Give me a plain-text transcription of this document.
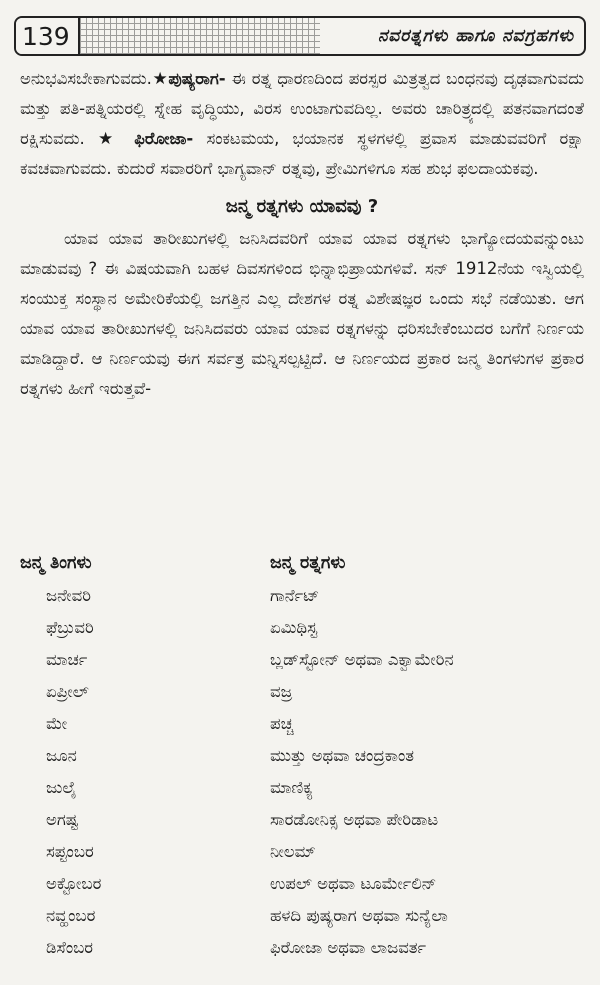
139	ನವರತ್ನಗಳು ಹಾಗೂ ನವಗ್ರಹಗಳು

ಅನುಭವಿಸಬೇಕಾಗುವದು.★ಪುಷ್ಯರಾಗ- ಈ ರತ್ನ ಧಾರಣದಿಂದ ಪರಸ್ಪರ ಮಿತ್ರತ್ವದ ಬಂಧನವು ದೃಢವಾಗುವದು ಮತ್ತು ಪತಿ-ಪತ್ನಿಯರಲ್ಲಿ ಸ್ನೇಹ ವೃದ್ಧಿಯು, ವಿರಸ ಉಂಟಾಗುವದಿಲ್ಲ. ಅವರು ಚಾರಿತ್ರ್ಯದಲ್ಲಿ ಪತನವಾಗದಂತೆ ರಕ್ಷಿಸುವದು. ★ ಫಿರೋಜಾ- ಸಂಕಟಮಯ, ಭಯಾನಕ ಸ್ಥಳಗಳಲ್ಲಿ ಪ್ರವಾಸ ಮಾಡುವವರಿಗೆ ರಕ್ಷಾ ಕವಚವಾಗುವದು. ಕುದುರೆ ಸವಾರರಿಗೆ ಭಾಗ್ಯವಾನ್ ರತ್ನವು, ಪ್ರೇಮಿಗಳಿಗೂ ಸಹ ಶುಭ ಫಲದಾಯಕವು.

ಜನ್ಮ ರತ್ನಗಳು ಯಾವವು ?

ಯಾವ ಯಾವ ತಾರೀಖುಗಳಲ್ಲಿ ಜನಿಸಿದವರಿಗೆ ಯಾವ ಯಾವ ರತ್ನಗಳು ಭಾಗ್ಯೋದಯವನ್ನುಂಟು ಮಾಡುವವು ? ಈ ವಿಷಯವಾಗಿ ಬಹಳ ದಿವಸಗಳಿಂದ ಭಿನ್ನಾಭಿಪ್ರಾಯಗಳಿವೆ. ಸನ್ 1912ನೆಯ ಇಸ್ವಿಯಲ್ಲಿ ಸಂಯುಕ್ತ ಸಂಸ್ಥಾನ ಅಮೇರಿಕೆಯಲ್ಲಿ ಜಗತ್ತಿನ ಎಲ್ಲ ದೇಶಗಳ ರತ್ನ ವಿಶೇಷಜ್ಞರ ಒಂದು ಸಭೆ ನಡೆಯಿತು. ಆಗ ಯಾವ ಯಾವ ತಾರೀಖುಗಳಲ್ಲಿ ಜನಿಸಿದವರು ಯಾವ ಯಾವ ರತ್ನಗಳನ್ನು ಧರಿಸಬೇಕೆಂಬುದರ ಬಗೆಗೆ ನಿರ್ಣಯ ಮಾಡಿದ್ದಾರೆ. ಆ ನಿರ್ಣಯವು ಈಗ ಸರ್ವತ್ರ ಮನ್ನಿಸಲ್ಪಟ್ಟಿದೆ. ಆ ನಿರ್ಣಯದ ಪ್ರಕಾರ ಜನ್ಮ ತಿಂಗಳುಗಳ ಪ್ರಕಾರ ರತ್ನಗಳು ಹೀಗೆ ಇರುತ್ತವೆ-

ಜನ್ಮ ತಿಂಗಳು	ಜನ್ಮ ರತ್ನಗಳು
ಜನೇವರಿ	ಗಾರ್ನೆಟ್
ಫೆಬ್ರುವರಿ	ಏಮಿಥಿಸ್ಟ
ಮಾರ್ಚ	ಬ್ಲಡ್‌ಸ್ಟೋನ್ ಅಥವಾ ಎಕ್ವಾಮೇರಿನ
ಏಪ್ರೀಲ್	ವಜ್ರ
ಮೇ	ಪಚ್ಚ
ಜೂನ	ಮುತ್ತು ಅಥವಾ ಚಂದ್ರಕಾಂತ
ಜುಲೈ	ಮಾಣಿಕ್ಯ
ಅಗಷ್ಟ	ಸಾರಡೋನಿಕ್ಸ ಅಥವಾ ಪೇರಿಡಾಟ
ಸಪ್ಟಂಬರ	ನೀಲಮ್
ಅಕ್ಟೋಬರ	ಉಪಲ್ ಅಥವಾ ಟೂರ್ಮೇಲಿನ್
ನವ್ಹಂಬರ	ಹಳದಿ ಪುಷ್ಯರಾಗ ಅಥವಾ ಸುನ್ಯೆಲಾ
ಡಿಸೆಂಬರ	ಫಿರೋಜಾ ಅಥವಾ ಲಾಜವರ್ತ
